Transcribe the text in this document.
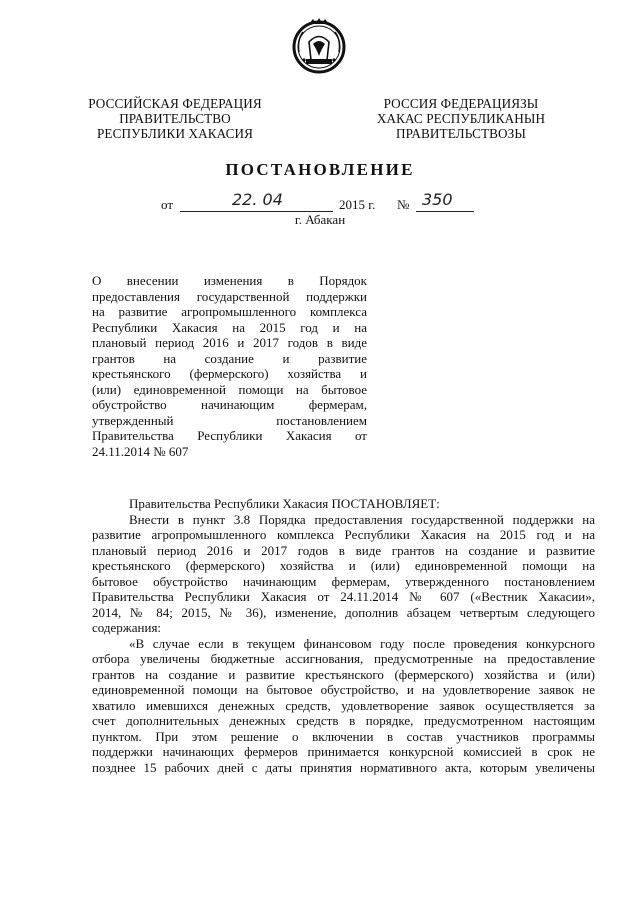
РОССИЙСКАЯ ФЕДЕРАЦИЯ
ПРАВИТЕЛЬСТВО
РЕСПУБЛИКИ ХАКАСИЯ
РОССИЯ ФЕДЕРАЦИЯЗЫ
ХАКАС РЕСПУБЛИКАНЫН
ПРАВИТЕЛЬСТВОЗЫ
ПОСТАНОВЛЕНИЕ
от	22. 04	2015 г. № 350
г. Абакан
О внесении изменения в Порядок
предоставления государственной поддержки
на развитие агропромышленного комплекса
Республики Хакасия на 2015 год и на
плановый период 2016 и 2017 годов в виде
грантов на создание и развитие
крестьянского (фермерского) хозяйства и
(или) единовременной помощи на бытовое
обустройство начинающим фермерам,
утвержденный постановлением
Правительства Республики Хакасия от
24.11.2014 № 607
Правительства Республики Хакасия ПОСТАНОВЛЯЕТ:
Внести в пункт 3.8 Порядка предоставления государственной поддержки на
развитие агропромышленного комплекса Республики Хакасия на 2015 год и на
плановый период 2016 и 2017 годов в виде грантов на создание и развитие
крестьянского (фермерского) хозяйства и (или) единовременной помощи на
бытовое обустройство начинающим фермерам, утвержденного постановлением
Правительства Республики Хакасия от 24.11.2014 № 607 («Вестник Хакасии»,
2014, № 84; 2015, № 36), изменение, дополнив абзацем четвертым следующего
содержания:
«В случае если в текущем финансовом году после проведения конкурсного
отбора увеличены бюджетные ассигнования, предусмотренные на предоставление
грантов на создание и развитие крестьянского (фермерского) хозяйства и (или)
единовременной помощи на бытовое обустройство, и на удовлетворение заявок не
хватило имевшихся денежных средств, удовлетворение заявок осуществляется за
счет дополнительных денежных средств в порядке, предусмотренном настоящим
пунктом. При этом решение о включении в состав участников программы
поддержки начинающих фермеров принимается конкурсной комиссией в срок не
позднее 15 рабочих дней с даты принятия нормативного акта, которым увеличены
